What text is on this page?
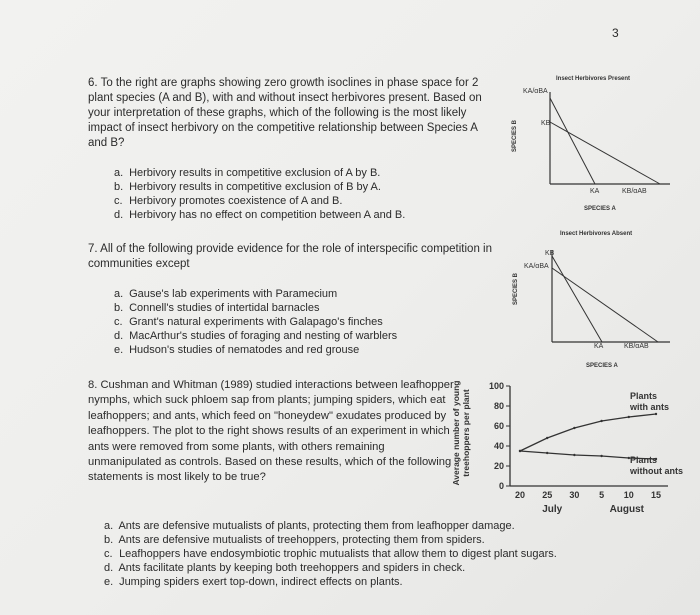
3
6. To the right are graphs showing zero growth isoclines in phase space for 2 plant species (A and B), with and without insect herbivores present. Based on your interpretation of these graphs, which of the following is the most likely impact of insect herbivory on the competitive relationship between Species A and B?
a. Herbivory results in competitive exclusion of A by B.
b. Herbivory results in competitive exclusion of B by A.
c. Herbivory promotes coexistence of A and B.
d. Herbivory has no effect on competition between A and B.
7. All of the following provide evidence for the role of interspecific competition in communities except
a. Gause's lab experiments with Paramecium
b. Connell's studies of intertidal barnacles
c. Grant's natural experiments with Galapago's finches
d. MacArthur's studies of foraging and nesting of warblers
e. Hudson's studies of nematodes and red grouse
8. Cushman and Whitman (1989) studied interactions between leafhopper nymphs, which suck phloem sap from plants; jumping spiders, which eat leafhoppers; and ants, which feed on "honeydew" exudates produced by leafhoppers. The plot to the right shows results of an experiment in which ants were removed from some plants, with others remaining unmanipulated as controls. Based on these results, which of the following statements is most likely to be true?
a. Ants are defensive mutualists of plants, protecting them from leafhopper damage.
b. Ants are defensive mutualists of treehoppers, protecting them from spiders.
c. Leafhoppers have endosymbiotic trophic mutualists that allow them to digest plant sugars.
d. Ants facilitate plants by keeping both treehoppers and spiders in check.
e. Jumping spiders exert top-down, indirect effects on plants.
Insect Herbivores Present
KA/αBA
KB
SPECIES B
KA	KB/αAB
SPECIES A
Insect Herbivores Absent
KB
KA/αBA
SPECIES B
KA	KB/αAB
SPECIES A
Average number of young treehoppers per plant
0
20
40
60
80
100
20 25 30 5 10 15
July	August
Plants
with ants
Plants
without ants
